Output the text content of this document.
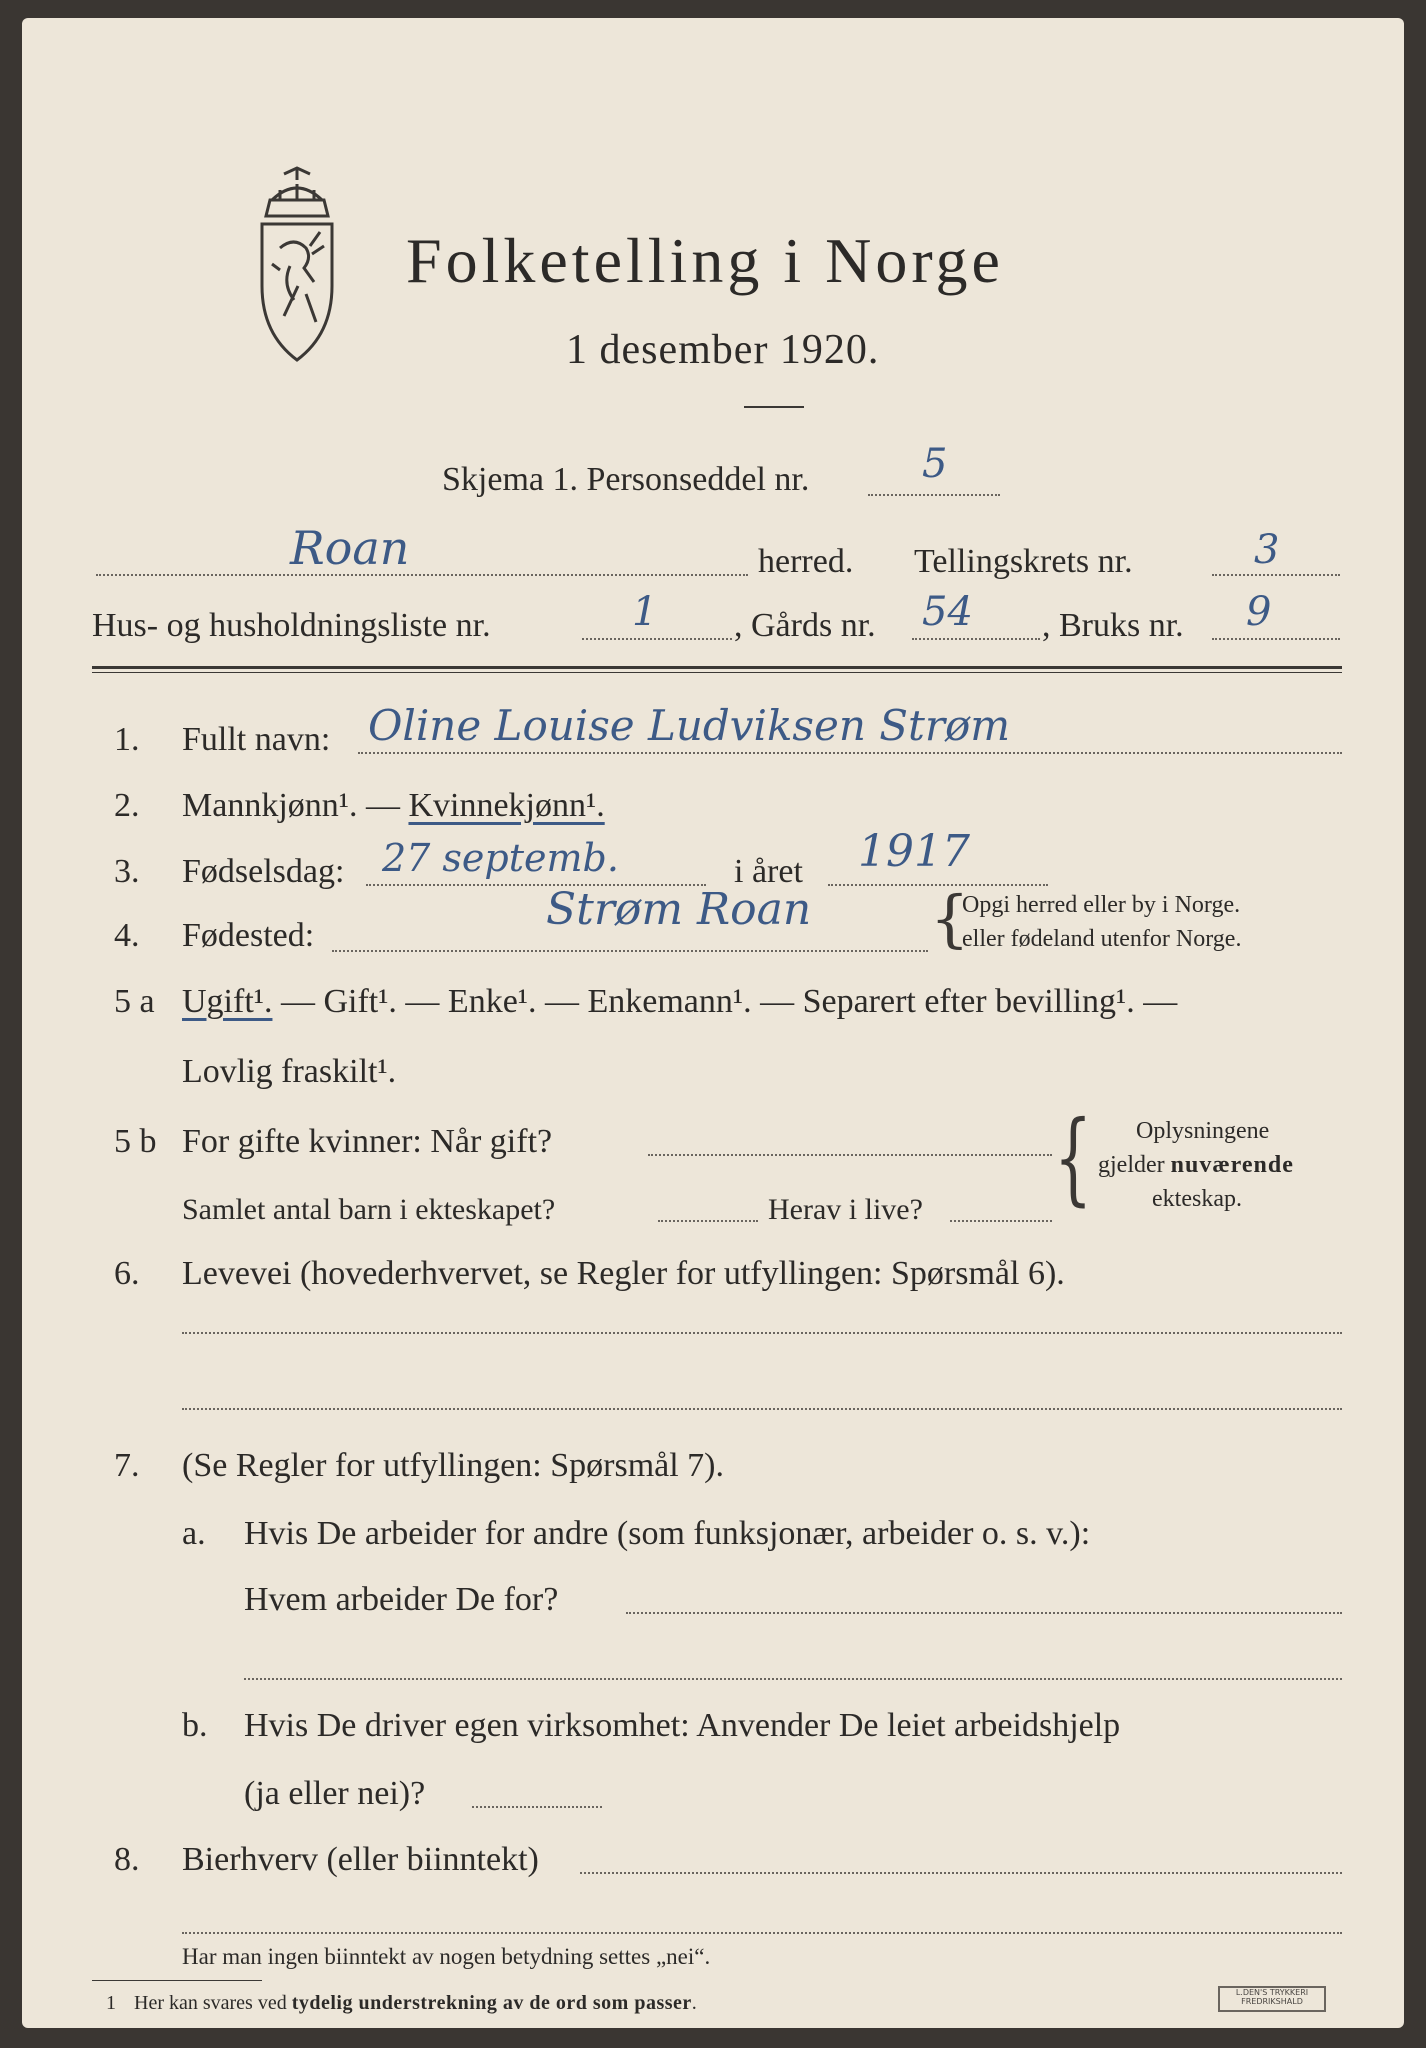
Folketelling i Norge
1 desember 1920.
Skjema 1. Personseddel nr.	5
Roan	herred. Tellingskrets nr.	3
Hus- og husholdningsliste nr.	1 , Gårds nr. 54 , Bruks nr. 9
1. Fullt navn: Oline Louise Ludviksen Strøm
2. Mannkjønn¹. — Kvinnekjønn¹.
3. Fødselsdag: 27 septemb.	i året 1917
4. Fødested:
Strøm Roan {
Opgi herred eller by i Norge.
eller fødeland utenfor Norge.
5 a Ugift¹. — Gift¹. — Enke¹. — Enkemann¹. — Separert efter bevilling¹. —
Lovlig fraskilt¹.
5 b For gifte kvinner: Når gift?
Samlet antal barn i ekteskapet?	Herav i live? { Oplysningene
gjelder nuværende
ekteskap.
6. Levevei (hovederhvervet, se Regler for utfyllingen: Spørsmål 6).
7. (Se Regler for utfyllingen: Spørsmål 7).
a. Hvis De arbeider for andre (som funksjonær, arbeider o. s. v.):
Hvem arbeider De for?
b. Hvis De driver egen virksomhet: Anvender De leiet arbeidshjelp
(ja eller nei)?
8. Bierhverv (eller biinntekt)
Har man ingen biinntekt av nogen betydning settes „nei“.
1 Her kan svares ved tydelig understrekning av de ord som passer.	L.DEN'S TRYKKERI
FREDRIKSHALD
